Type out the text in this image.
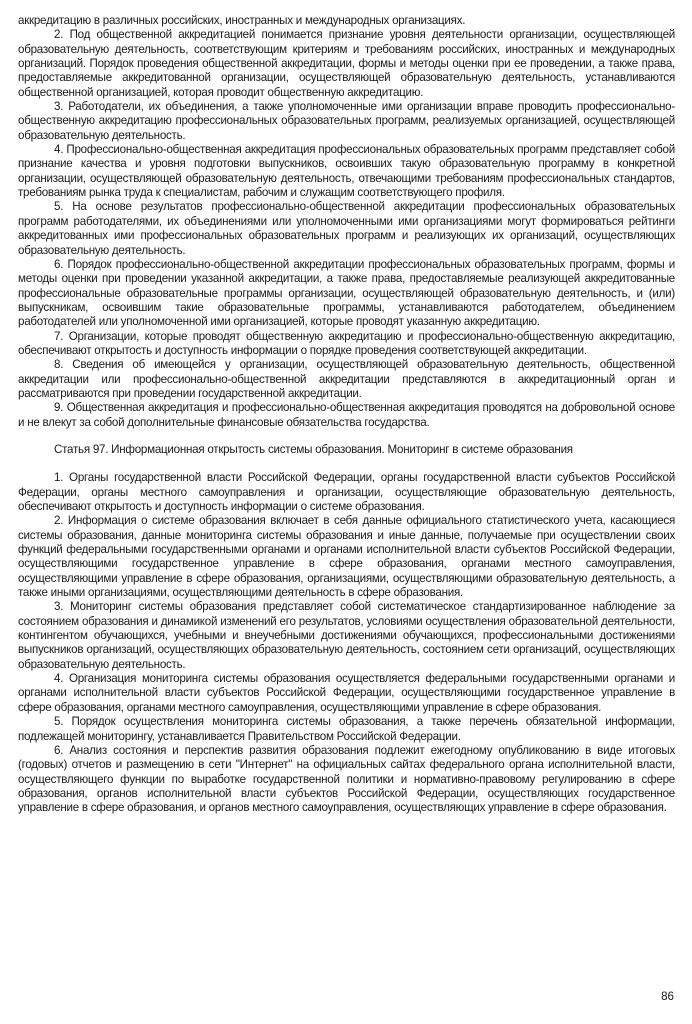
аккредитацию в различных российских, иностранных и международных организациях.

2. Под общественной аккредитацией понимается признание уровня деятельности организации, осуществляющей образовательную деятельность, соответствующим критериям и требованиям российских, иностранных и международных организаций. Порядок проведения общественной аккредитации, формы и методы оценки при ее проведении, а также права, предоставляемые аккредитованной организации, осуществляющей образовательную деятельность, устанавливаются общественной организацией, которая проводит общественную аккредитацию.

3. Работодатели, их объединения, а также уполномоченные ими организации вправе проводить профессионально-общественную аккредитацию профессиональных образовательных программ, реализуемых организацией, осуществляющей образовательную деятельность.

4. Профессионально-общественная аккредитация профессиональных образовательных программ представляет собой признание качества и уровня подготовки выпускников, освоивших такую образовательную программу в конкретной организации, осуществляющей образовательную деятельность, отвечающими требованиям профессиональных стандартов, требованиям рынка труда к специалистам, рабочим и служащим соответствующего профиля.

5. На основе результатов профессионально-общественной аккредитации профессиональных образовательных программ работодателями, их объединениями или уполномоченными ими организациями могут формироваться рейтинги аккредитованных ими профессиональных образовательных программ и реализующих их организаций, осуществляющих образовательную деятельность.

6. Порядок профессионально-общественной аккредитации профессиональных образовательных программ, формы и методы оценки при проведении указанной аккредитации, а также права, предоставляемые реализующей аккредитованные профессиональные образовательные программы организации, осуществляющей образовательную деятельность, и (или) выпускникам, освоившим такие образовательные программы, устанавливаются работодателем, объединением работодателей или уполномоченной ими организацией, которые проводят указанную аккредитацию.

7. Организации, которые проводят общественную аккредитацию и профессионально-общественную аккредитацию, обеспечивают открытость и доступность информации о порядке проведения соответствующей аккредитации.

8. Сведения об имеющейся у организации, осуществляющей образовательную деятельность, общественной аккредитации или профессионально-общественной аккредитации представляются в аккредитационный орган и рассматриваются при проведении государственной аккредитации.

9. Общественная аккредитация и профессионально-общественная аккредитация проводятся на добровольной основе и не влекут за собой дополнительные финансовые обязательства государства.

Статья 97. Информационная открытость системы образования. Мониторинг в системе образования

1. Органы государственной власти Российской Федерации, органы государственной власти субъектов Российской Федерации, органы местного самоуправления и организации, осуществляющие образовательную деятельность, обеспечивают открытость и доступность информации о системе образования.

2. Информация о системе образования включает в себя данные официального статистического учета, касающиеся системы образования, данные мониторинга системы образования и иные данные, получаемые при осуществлении своих функций федеральными государственными органами и органами исполнительной власти субъектов Российской Федерации, осуществляющими государственное управление в сфере образования, органами местного самоуправления, осуществляющими управление в сфере образования, организациями, осуществляющими образовательную деятельность, а также иными организациями, осуществляющими деятельность в сфере образования.

3. Мониторинг системы образования представляет собой систематическое стандартизированное наблюдение за состоянием образования и динамикой изменений его результатов, условиями осуществления образовательной деятельности, контингентом обучающихся, учебными и внеучебными достижениями обучающихся, профессиональными достижениями выпускников организаций, осуществляющих образовательную деятельность, состоянием сети организаций, осуществляющих образовательную деятельность.

4. Организация мониторинга системы образования осуществляется федеральными государственными органами и органами исполнительной власти субъектов Российской Федерации, осуществляющими государственное управление в сфере образования, органами местного самоуправления, осуществляющими управление в сфере образования.

5. Порядок осуществления мониторинга системы образования, а также перечень обязательной информации, подлежащей мониторингу, устанавливается Правительством Российской Федерации.

6. Анализ состояния и перспектив развития образования подлежит ежегодному опубликованию в виде итоговых (годовых) отчетов и размещению в сети "Интернет" на официальных сайтах федерального органа исполнительной власти, осуществляющего функции по выработке государственной политики и нормативно-правовому регулированию в сфере образования, органов исполнительной власти субъектов Российской Федерации, осуществляющих государственное управление в сфере образования, и органов местного самоуправления, осуществляющих управление в сфере образования.

86
